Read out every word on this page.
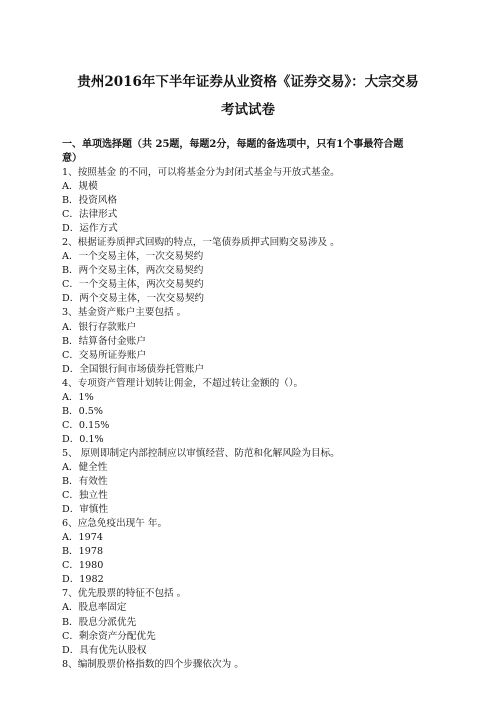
贵州2016年下半年证券从业资格《证券交易》：大宗交易
考试试卷
一、单项选择题（共 25题，每题2分，每题的备选项中，只有1个事最符合题
意）
1、按照基金 的不同，可以将基金分为封闭式基金与开放式基金。
A．规模
B．投资风格
C．法律形式
D．运作方式
2、根据证券质押式回购的特点，一笔债券质押式回购交易涉及 。
A．一个交易主体，一次交易契约
B．两个交易主体，两次交易契约
C．一个交易主体，两次交易契约
D．两个交易主体，一次交易契约
3、基金资产账户主要包括 。
A．银行存款账户
B．结算备付金账户
C．交易所证券账户
D．全国银行间市场债券托管账户
4、专项资产管理计划转让佣金，不超过转让金额的（）。
A．1%
B．0.5%
C．0.15%
D．0.1%
5、 原则即制定内部控制应以审慎经营、防范和化解风险为目标。
A．健全性
B．有效性
C．独立性
D．审慎性
6、应急免疫出现午 年。
A．1974
B．1978
C．1980
D．1982
7、优先股票的特征不包括 。
A．股息率固定
B．股息分派优先
C．剩余资产分配优先
D．具有优先认股权
8、编制股票价格指数的四个步骤依次为 。
